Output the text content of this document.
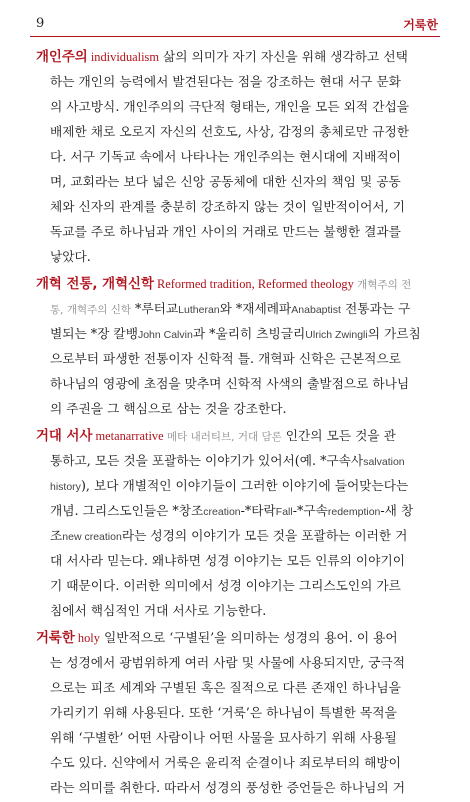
9	거룩한
개인주의 individualism 삶의 의미가 자기 자신을 위해 생각하고 선택
하는 개인의 능력에서 발견된다는 점을 강조하는 현대 서구 문화
의 사고방식. 개인주의의 극단적 형태는, 개인을 모든 외적 간섭을
배제한 채로 오로지 자신의 선호도, 사상, 감정의 총체로만 규정한
다. 서구 기독교 속에서 나타나는 개인주의는 현시대에 지배적이
며, 교회라는 보다 넓은 신앙 공동체에 대한 신자의 책임 및 공동
체와 신자의 관계를 충분히 강조하지 않는 것이 일반적이어서, 기
독교를 주로 하나님과 개인 사이의 거래로 만드는 불행한 결과를
낳았다.
개혁 전통, 개혁신학 Reformed tradition, Reformed theology 개혁주의 전
통, 개혁주의 신학 *루터교Lutheran와 *재세례파Anabaptist 전통과는 구
별되는 *장 칼뱅John Calvin과 *울리히 츠빙글리Ulrich Zwingli의 가르침
으로부터 파생한 전통이자 신학적 틀. 개혁파 신학은 근본적으로
하나님의 영광에 초점을 맞추며 신학적 사색의 출발점으로 하나님
의 주권을 그 핵심으로 삼는 것을 강조한다.
거대 서사 metanarrative 메타 내러티브, 거대 담론 인간의 모든 것을 관
통하고, 모든 것을 포괄하는 이야기가 있어서(예. *구속사salvation
history), 보다 개별적인 이야기들이 그러한 이야기에 들어맞는다는
개념. 그리스도인들은 *창조creation-*타락Fall-*구속redemption-새 창
조new creation라는 성경의 이야기가 모든 것을 포괄하는 이러한 거
대 서사라 믿는다. 왜냐하면 성경 이야기는 모든 인류의 이야기이
기 때문이다. 이러한 의미에서 성경 이야기는 그리스도인의 가르
침에서 핵심적인 거대 서사로 기능한다.
거룩한 holy 일반적으로 ‘구별된’을 의미하는 성경의 용어. 이 용어
는 성경에서 광범위하게 여러 사람 및 사물에 사용되지만, 궁극적
으로는 피조 세계와 구별된 혹은 질적으로 다른 존재인 하나님을
가리키기 위해 사용된다. 또한 ‘거룩’은 하나님이 특별한 목적을
위해 ‘구별한’ 어떤 사람이나 어떤 사물을 묘사하기 위해 사용될
수도 있다. 신약에서 거룩은 윤리적 순결이나 죄로부터의 해방이
라는 의미를 취한다. 따라서 성경의 풍성한 증언들은 하나님의 거
